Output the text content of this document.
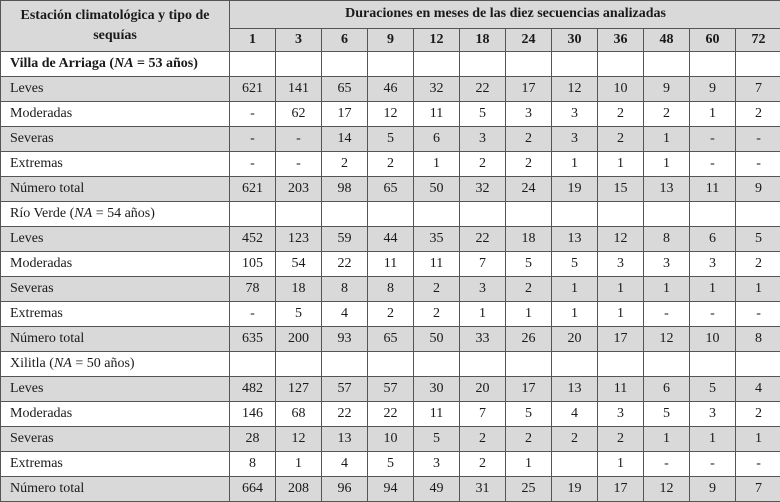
Estación climatológica y tipo de sequías	Duraciones en meses de las diez secuencias analizadas											
	1	3	6	9	12	18	24	30	36	48	60	72
Villa de Arriaga (NA = 53 años)												
Leves	621	141	65	46	32	22	17	12	10	9	9	7
Moderadas	-	62	17	12	11	5	3	3	2	2	1	2
Severas	-	-	14	5	6	3	2	3	2	1	-	-
Extremas	-	-	2	2	1	2	2	1	1	1	-	-
Número total	621	203	98	65	50	32	24	19	15	13	11	9
Río Verde (NA = 54 años)												
Leves	452	123	59	44	35	22	18	13	12	8	6	5
Moderadas	105	54	22	11	11	7	5	5	3	3	3	2
Severas	78	18	8	8	2	3	2	1	1	1	1	1
Extremas	-	5	4	2	2	1	1	1	1	-	-	-
Número total	635	200	93	65	50	33	26	20	17	12	10	8
Xilitla (NA = 50 años)												
Leves	482	127	57	57	30	20	17	13	11	6	5	4
Moderadas	146	68	22	22	11	7	5	4	3	5	3	2
Severas	28	12	13	10	5	2	2	2	2	1	1	1
Extremas	8	1	4	5	3	2	1		1	-	-	-
Número total	664	208	96	94	49	31	25	19	17	12	9	7
